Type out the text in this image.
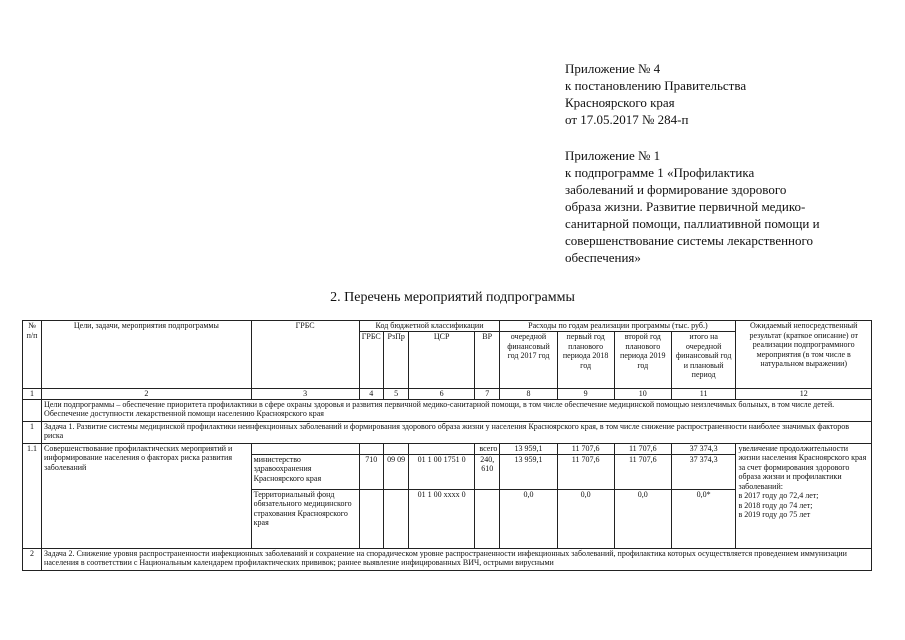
Приложение № 4
к постановлению Правительства
Красноярского края
от 17.05.2017 № 284-п
Приложение № 1
к подпрограмме 1 «Профилактика
заболеваний и формирование здорового
образа жизни. Развитие первичной медико-
санитарной помощи, паллиативной помощи и
совершенствование системы лекарственного
обеспечения»
2. Перечень мероприятий подпрограммы
№ п/п	Цели, задачи, мероприятия подпрограммы	ГРБС	Код бюджетной классификации				Расходы по годам реализации программы (тыс. руб.)				Ожидаемый непосредственный результат (краткое описание) от реализации подпрограммного мероприятия (в том числе в натуральном выражении)
			ГРБС	РзПр	ЦСР	ВР	очередной финансовый год 2017 год	первый год планового периода 2018 год	второй год планового периода 2019 год	итого на очередной финансовый год и плановый период	
1	2	3	4	5	6	7	8	9	10	11	12
	Цели подпрограммы – обеспечение приоритета профилактики в сфере охраны здоровья и развития первичной медико-санитарной помощи, в том числе обеспечение медицинской помощью неизлечимых больных, в том числе детей. Обеспечение доступности лекарственной помощи населению Красноярского края										
1	Задача 1. Развитие системы медицинской профилактики неинфекционных заболеваний и формирования здорового образа жизни у населения Красноярского края, в том числе снижение распространенности наиболее значимых факторов риска										
1.1	Совершенствование профилактических мероприятий и информирование населения о факторах риска развития заболеваний					всего	13 959,1	11 707,6	11 707,6	37 374,3	увеличение продолжительности жизни населения Красноярского края за счет формирования здорового образа жизни и профилактики заболеваний:
в 2017 году до 72,4 лет;
в 2018 году до 74 лет;
в 2019 году до 75 лет

		министерство здравоохранения Красноярского края	710	09 09	01 1 00 1751 0	240, 610	13 959,1	11 707,6	11 707,6	37 374,3	
		Территориальный фонд обязательного медицинского страхования Красноярского края			01 1 00 xxxx 0		0,0	0,0	0,0	0,0*	
2	Задача 2. Снижение уровня распространенности инфекционных заболеваний и сохранение на спорадическом уровне распространенности инфекционных заболеваний, профилактика которых осуществляется проведением иммунизации населения в соответствии с Национальным календарем профилактических прививок; раннее выявление инфицированных ВИЧ, острыми вирусными										
